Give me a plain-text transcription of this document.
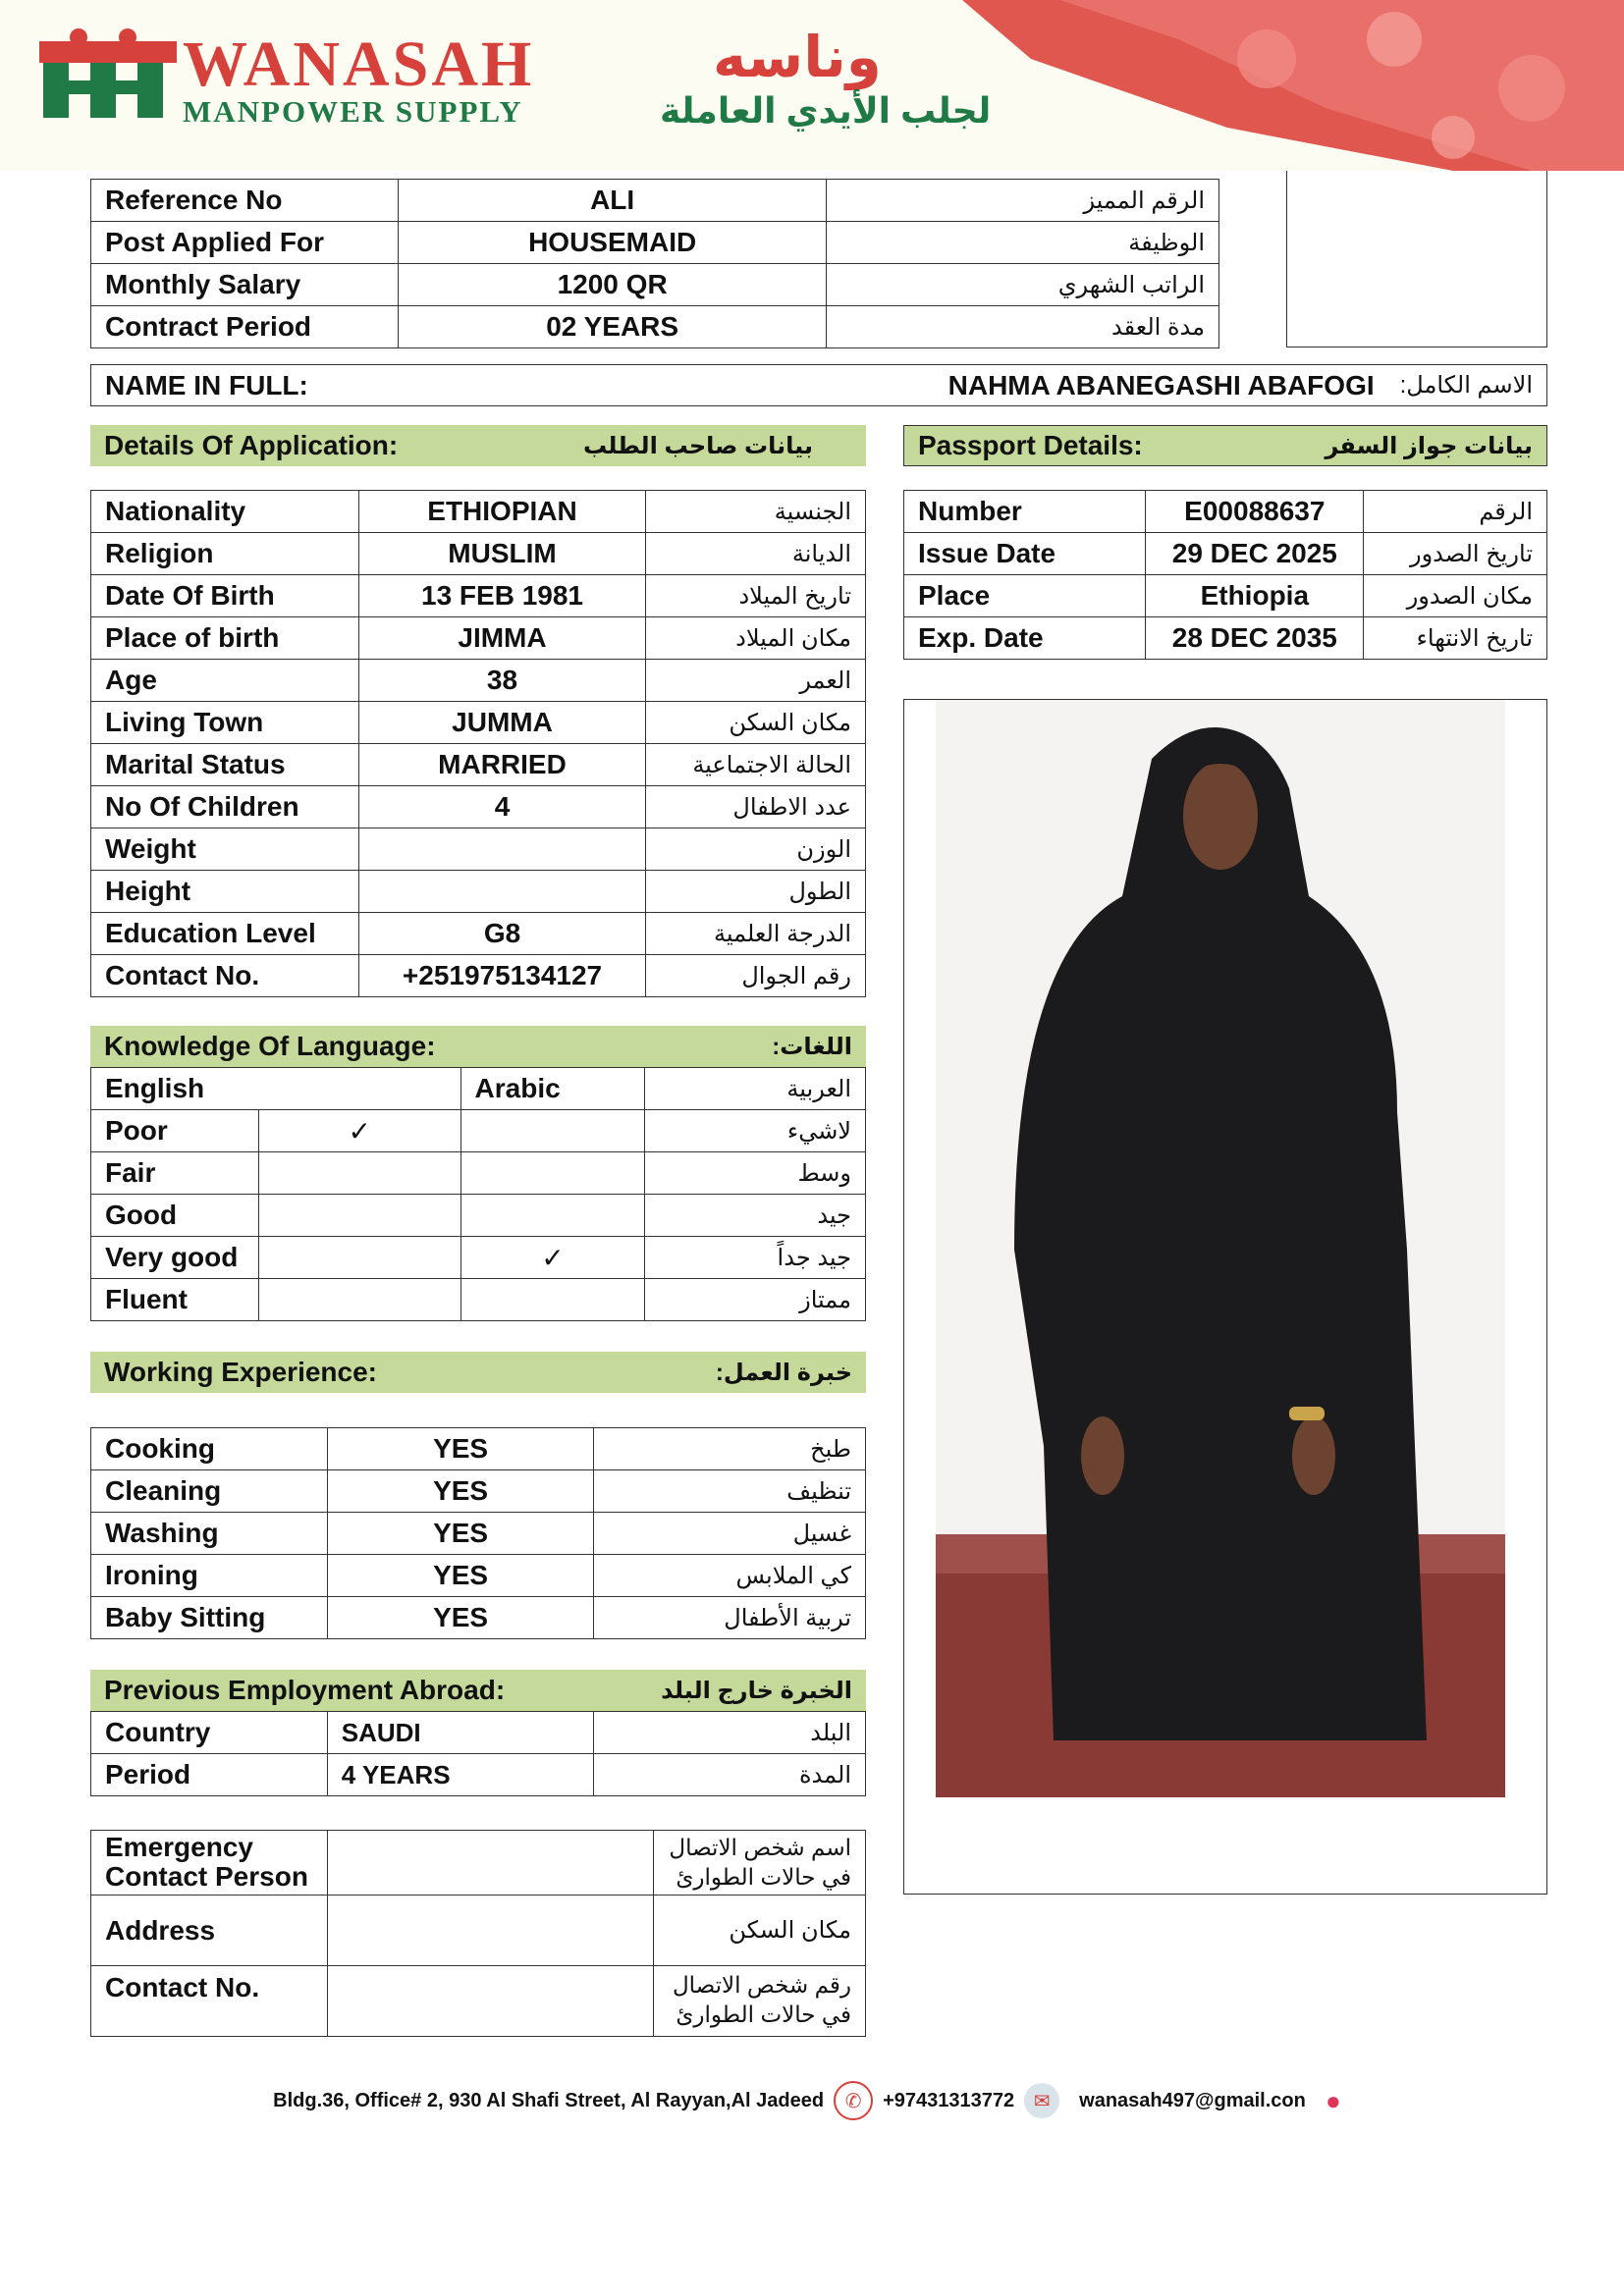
WANASAH	وناسه
MANPOWER SUPPLY	لجلب الأيدي العاملة
Reference No	ALI	الرقم المميز
Post Applied For	HOUSEMAID	الوظيفة
Monthly Salary	1200 QR	الراتب الشهري
Contract Period	02 YEARS	مدة العقد
NAME IN FULL:	NAHMA ABANEGASHI ABAFOGI الاسم الكامل:
Details Of Application:	بيانات صاحب الطلب	Passport Details:	بيانات جواز السفر
Nationality	ETHIOPIAN	الجنسية
Religion	MUSLIM	الديانة
Date Of Birth	13 FEB 1981	تاريخ الميلاد
Place of birth	JIMMA	مكان الميلاد
Age	38	العمر
Living Town	JUMMA	مكان السكن
Marital Status	MARRIED	الحالة الاجتماعية
No Of Children	4	عدد الاطفال
Weight		الوزن
Height		الطول
Education Level	G8	الدرجة العلمية
Contact No.	+251975134127	رقم الجوال
Number	E00088637	الرقم
Issue Date	29 DEC 2025	تاريخ الصدور
Place	Ethiopia	مكان الصدور
Exp. Date	28 DEC 2035	تاريخ الانتهاء
Knowledge Of Language:	اللغات:
English		Arabic	العربية
Poor	✓		لاشيء
Fair			وسط
Good			جيد
Very good		✓	جيد جداً
Fluent			ممتاز
Working Experience:	خبرة العمل:
Cooking	YES	طبخ
Cleaning	YES	تنظيف
Washing	YES	غسيل
Ironing	YES	كي الملابس
Baby Sitting	YES	تربية الأطفال
Previous Employment Abroad:	الخبرة خارج البلد
Country	SAUDI	البلد
Period	4 YEARS	المدة
Emergency Contact Person		اسم شخص الاتصال في حالات الطوارئ
Address		مكان السكن
Contact No.		رقم شخص الاتصال في حالات الطوارئ
Bldg.36, Office# 2, 930 Al Shafi Street, Al Rayyan,Al Jadeed	✆	+97431313772 ✉	wanasah497@gmail.con ●
